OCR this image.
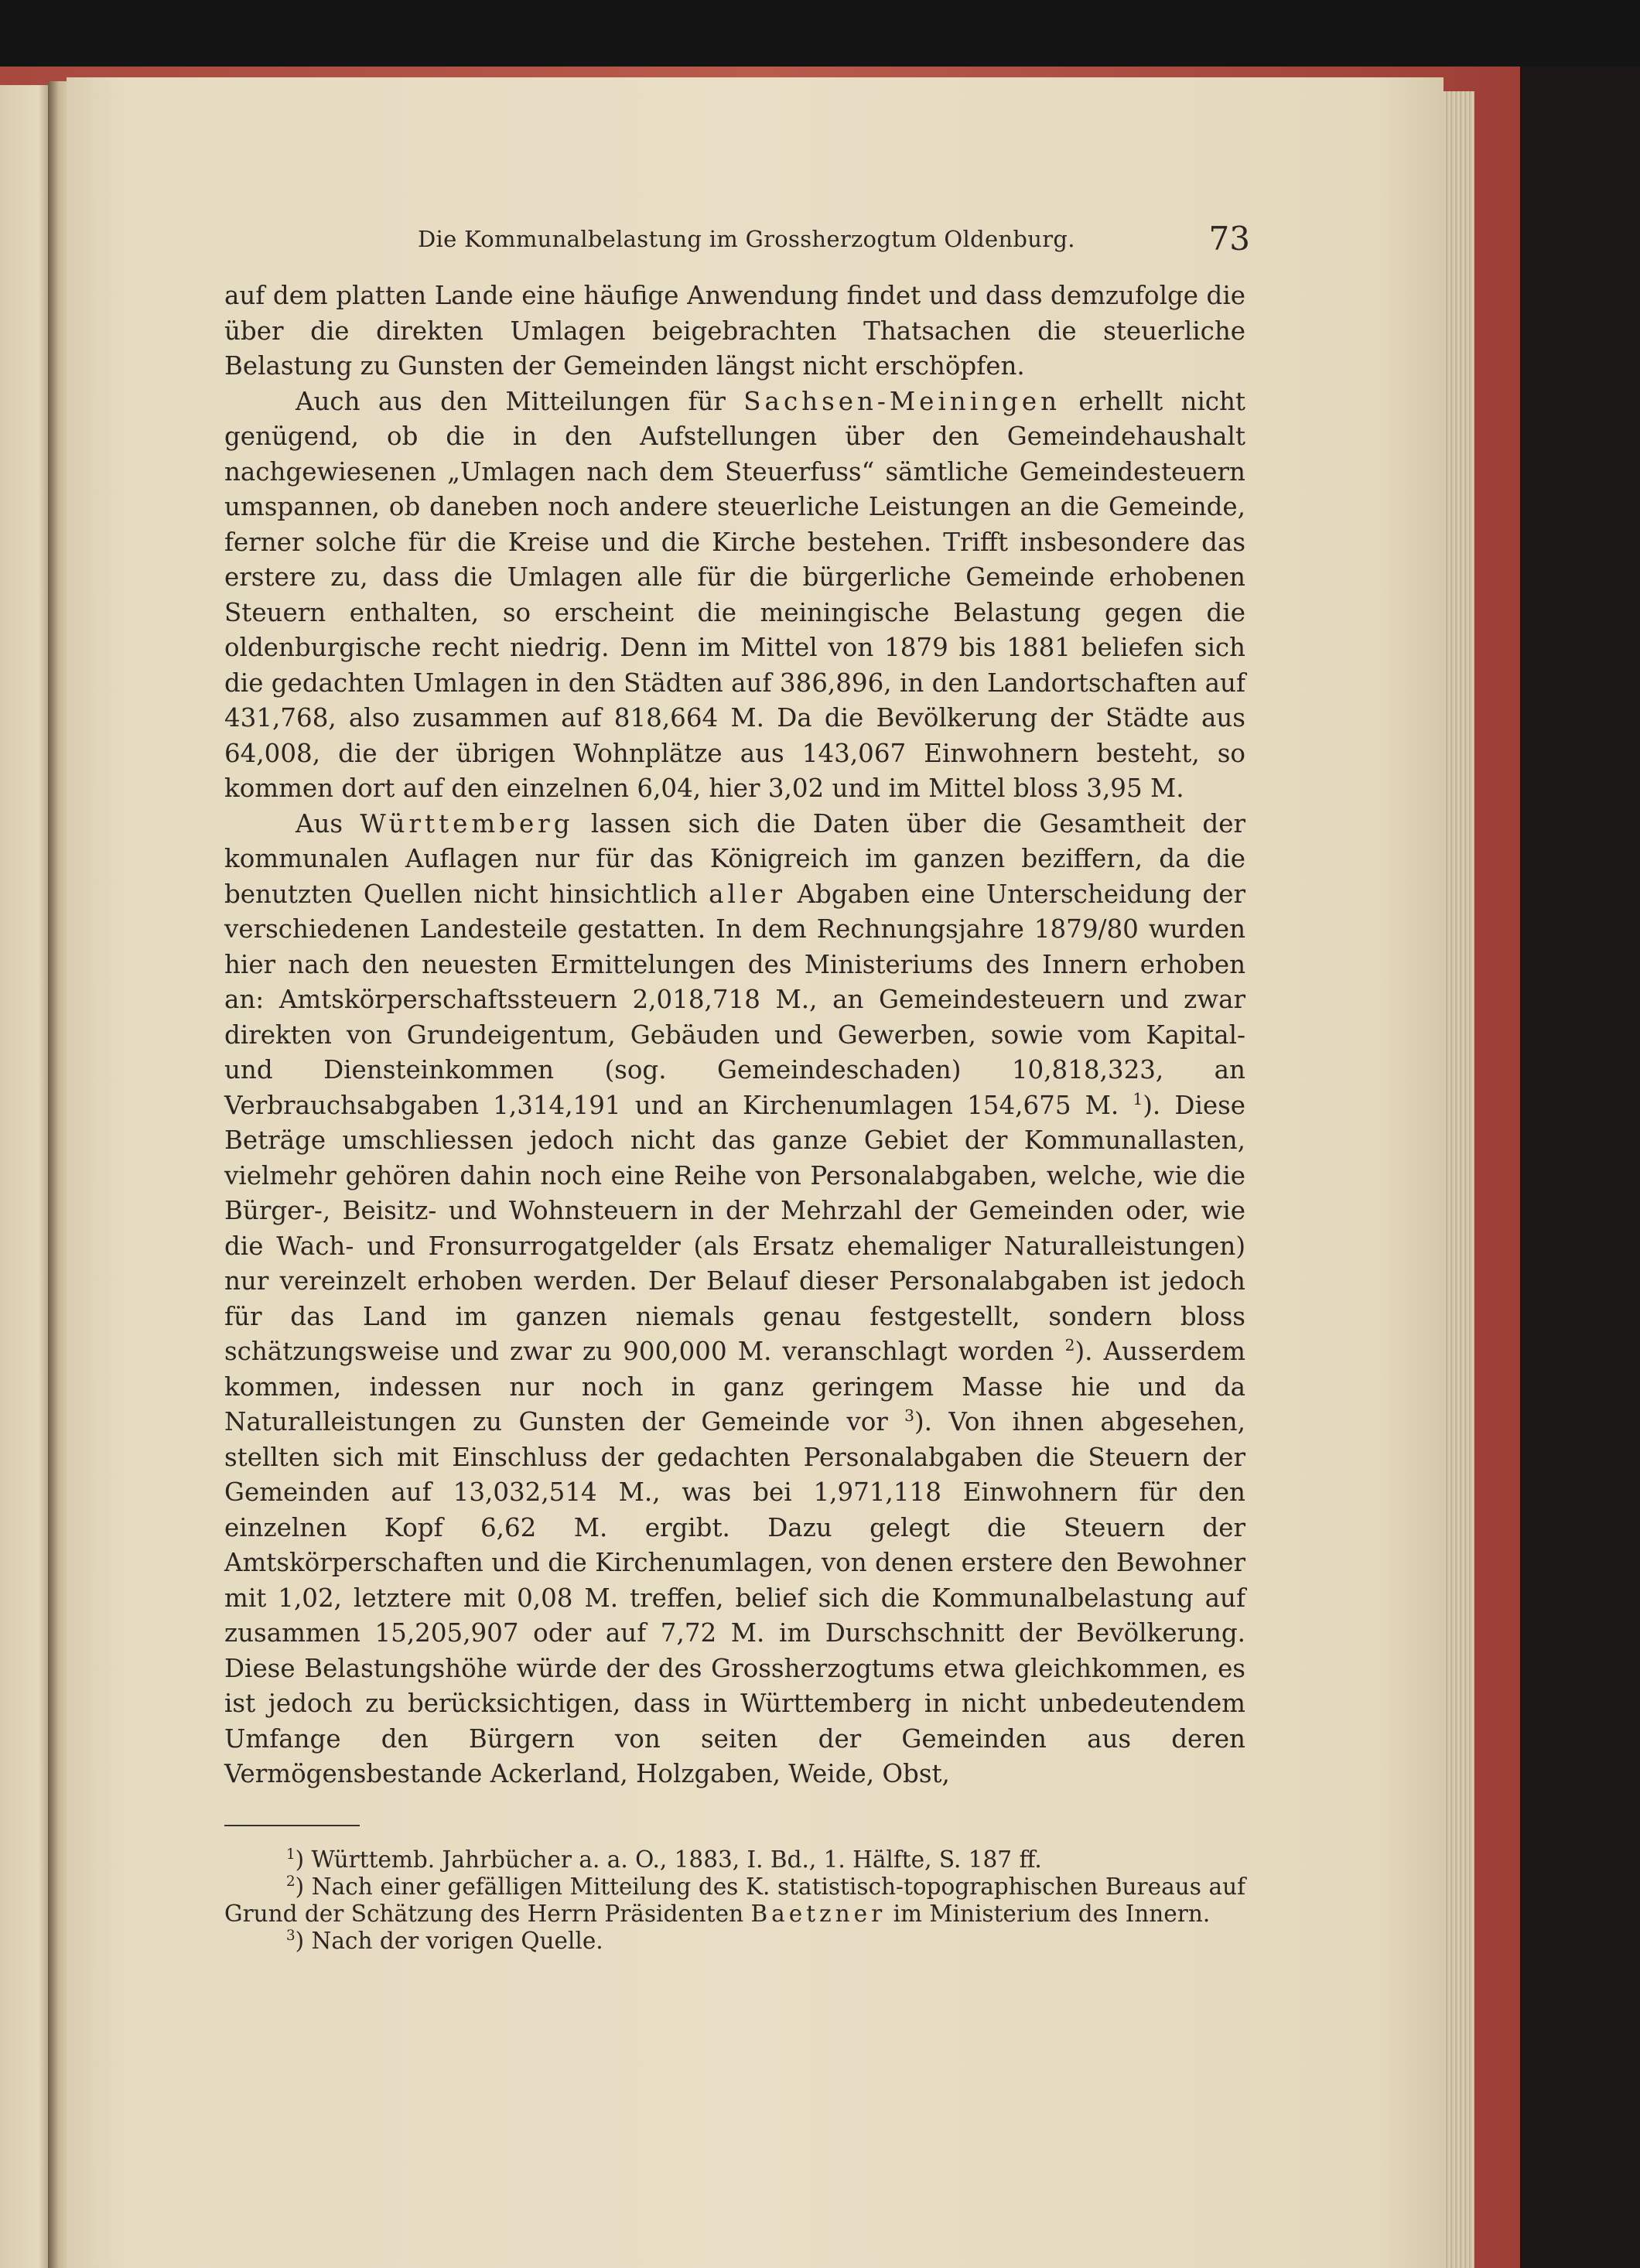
Die Kommunalbelastung im Grossherzogtum Oldenburg.	73

auf dem platten Lande eine häufige Anwendung findet und dass demzufolge die über die direkten Umlagen beigebrachten Thatsachen die steuerliche Belastung zu Gunsten der Gemeinden längst nicht erschöpfen.

Auch aus den Mitteilungen für Sachsen-Meiningen erhellt nicht genügend, ob die in den Aufstellungen über den Gemeindehaushalt nachgewiesenen „Umlagen nach dem Steuerfuss“ sämtliche Gemeindesteuern umspannen, ob daneben noch andere steuerliche Leistungen an die Gemeinde, ferner solche für die Kreise und die Kirche bestehen. Trifft insbesondere das erstere zu, dass die Umlagen alle für die bürgerliche Gemeinde erhobenen Steuern enthalten, so erscheint die meiningische Belastung gegen die oldenburgische recht niedrig. Denn im Mittel von 1879 bis 1881 beliefen sich die gedachten Umlagen in den Städten auf 386,896, in den Landortschaften auf 431,768, also zusammen auf 818,664 M. Da die Bevölkerung der Städte aus 64,008, die der übrigen Wohnplätze aus 143,067 Einwohnern besteht, so kommen dort auf den einzelnen 6,04, hier 3,02 und im Mittel bloss 3,95 M.

Aus Württemberg lassen sich die Daten über die Gesamtheit der kommunalen Auflagen nur für das Königreich im ganzen beziffern, da die benutzten Quellen nicht hinsichtlich aller Abgaben eine Unterscheidung der verschiedenen Landesteile gestatten. In dem Rechnungsjahre 1879/80 wurden hier nach den neuesten Ermittelungen des Ministeriums des Innern erhoben an: Amtskörperschaftssteuern 2,018,718 M., an Gemeindesteuern und zwar direkten von Grundeigentum, Gebäuden und Gewerben, sowie vom Kapital- und Diensteinkommen (sog. Gemeindeschaden) 10,818,323, an Verbrauchsabgaben 1,314,191 und an Kirchenumlagen 154,675 M. $^1$). Diese Beträge umschliessen jedoch nicht das ganze Gebiet der Kommunallasten, vielmehr gehören dahin noch eine Reihe von Personalabgaben, welche, wie die Bürger-, Beisitz- und Wohnsteuern in der Mehrzahl der Gemeinden oder, wie die Wach- und Fronsurrogatgelder (als Ersatz ehemaliger Naturalleistungen) nur vereinzelt erhoben werden. Der Belauf dieser Personalabgaben ist jedoch für das Land im ganzen niemals genau festgestellt, sondern bloss schätzungsweise und zwar zu 900,000 M. veranschlagt worden $^2$). Ausserdem kommen, indessen nur noch in ganz geringem Masse hie und da Naturalleistungen zu Gunsten der Gemeinde vor $^3$). Von ihnen abgesehen, stellten sich mit Einschluss der gedachten Personalabgaben die Steuern der Gemeinden auf 13,032,514 M., was bei 1,971,118 Einwohnern für den einzelnen Kopf 6,62 M. ergibt. Dazu gelegt die Steuern der Amtskörperschaften und die Kirchenumlagen, von denen erstere den Bewohner mit 1,02, letztere mit 0,08 M. treffen, belief sich die Kommunalbelastung auf zusammen 15,205,907 oder auf 7,72 M. im Durschschnitt der Bevölkerung. Diese Belastungshöhe würde der des Grossherzogtums etwa gleichkommen, es ist jedoch zu berücksichtigen, dass in Württemberg in nicht unbedeutendem Umfange den Bürgern von seiten der Gemeinden aus deren Vermögensbestande Ackerland, Holzgaben, Weide, Obst,

$^1$) Württemb. Jahrbücher a. a. O., 1883, I. Bd., 1. Hälfte, S. 187 ff.

$^2$) Nach einer gefälligen Mitteilung des K. statistisch-topographischen Bureaus auf Grund der Schätzung des Herrn Präsidenten Baetzner im Ministerium des Innern.

$^3$) Nach der vorigen Quelle.
